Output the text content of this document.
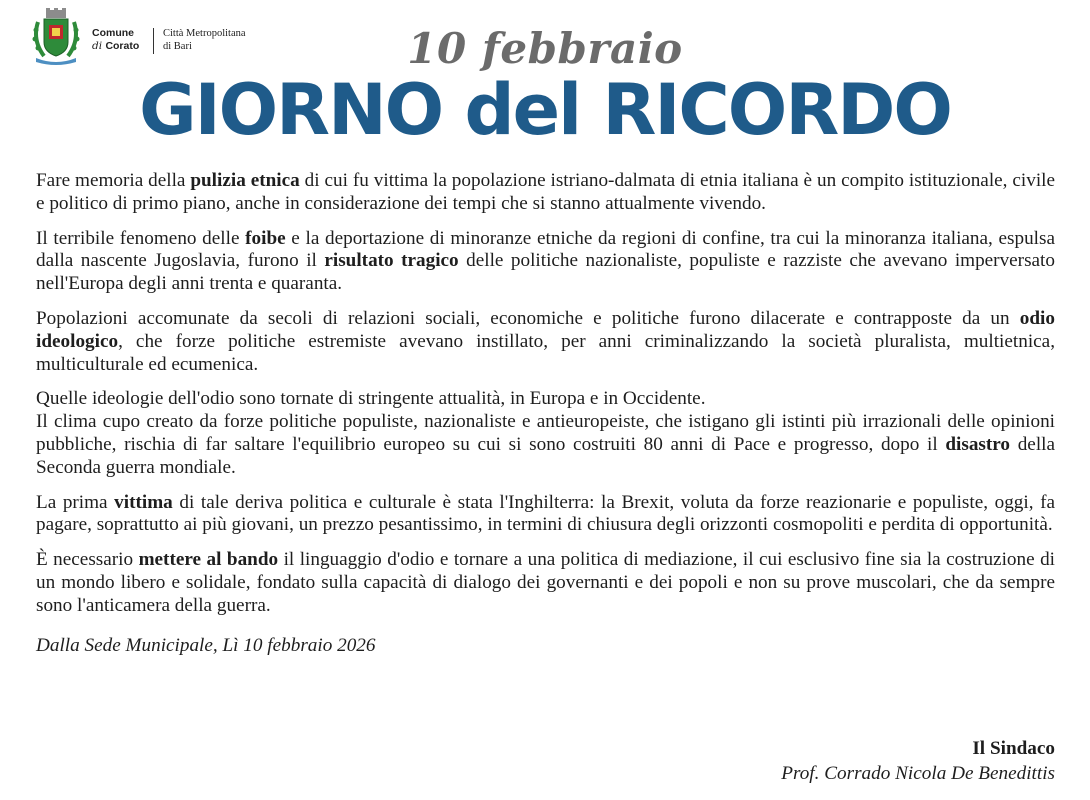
Comune
di Corato
Città Metropolitana
di Bari	10 febbraio
GIORNO del RICORDO

Fare memoria della pulizia etnica di cui fu vittima la popolazione istriano-dalmata di etnia italiana è un compito istituzionale, civile e politico di primo piano, anche in considerazione dei tempi che si stanno attualmente vivendo.

Il terribile fenomeno delle foibe e la deportazione di minoranze etniche da regioni di confine, tra cui la minoranza italiana, espulsa dalla nascente Jugoslavia, furono il risultato tragico delle politiche nazionaliste, populiste e razziste che avevano imperversato nell'Europa degli anni trenta e quaranta.

Popolazioni accomunate da secoli di relazioni sociali, economiche e politiche furono dilacerate e contrapposte da un odio ideologico, che forze politiche estremiste avevano instillato, per anni criminalizzando la società pluralista, multietnica, multiculturale ed ecumenica.

Quelle ideologie dell'odio sono tornate di stringente attualità, in Europa e in Occidente.
Il clima cupo creato da forze politiche populiste, nazionaliste e antieuropeiste, che istigano gli istinti più irrazionali delle opinioni pubbliche, rischia di far saltare l'equilibrio europeo su cui si sono costruiti 80 anni di Pace e progresso, dopo il disastro della Seconda guerra mondiale.

La prima vittima di tale deriva politica e culturale è stata l'Inghilterra: la Brexit, voluta da forze reazionarie e populiste, oggi, fa pagare, soprattutto ai più giovani, un prezzo pesantissimo, in termini di chiusura degli orizzonti cosmopoliti e perdita di opportunità.

È necessario mettere al bando il linguaggio d'odio e tornare a una politica di mediazione, il cui esclusivo fine sia la costruzione di un mondo libero e solidale, fondato sulla capacità di dialogo dei governanti e dei popoli e non su prove muscolari, che da sempre sono l'anticamera della guerra.

Dalla Sede Municipale, Lì 10 febbraio 2026
Il Sindaco
Prof. Corrado Nicola De Benedittis
